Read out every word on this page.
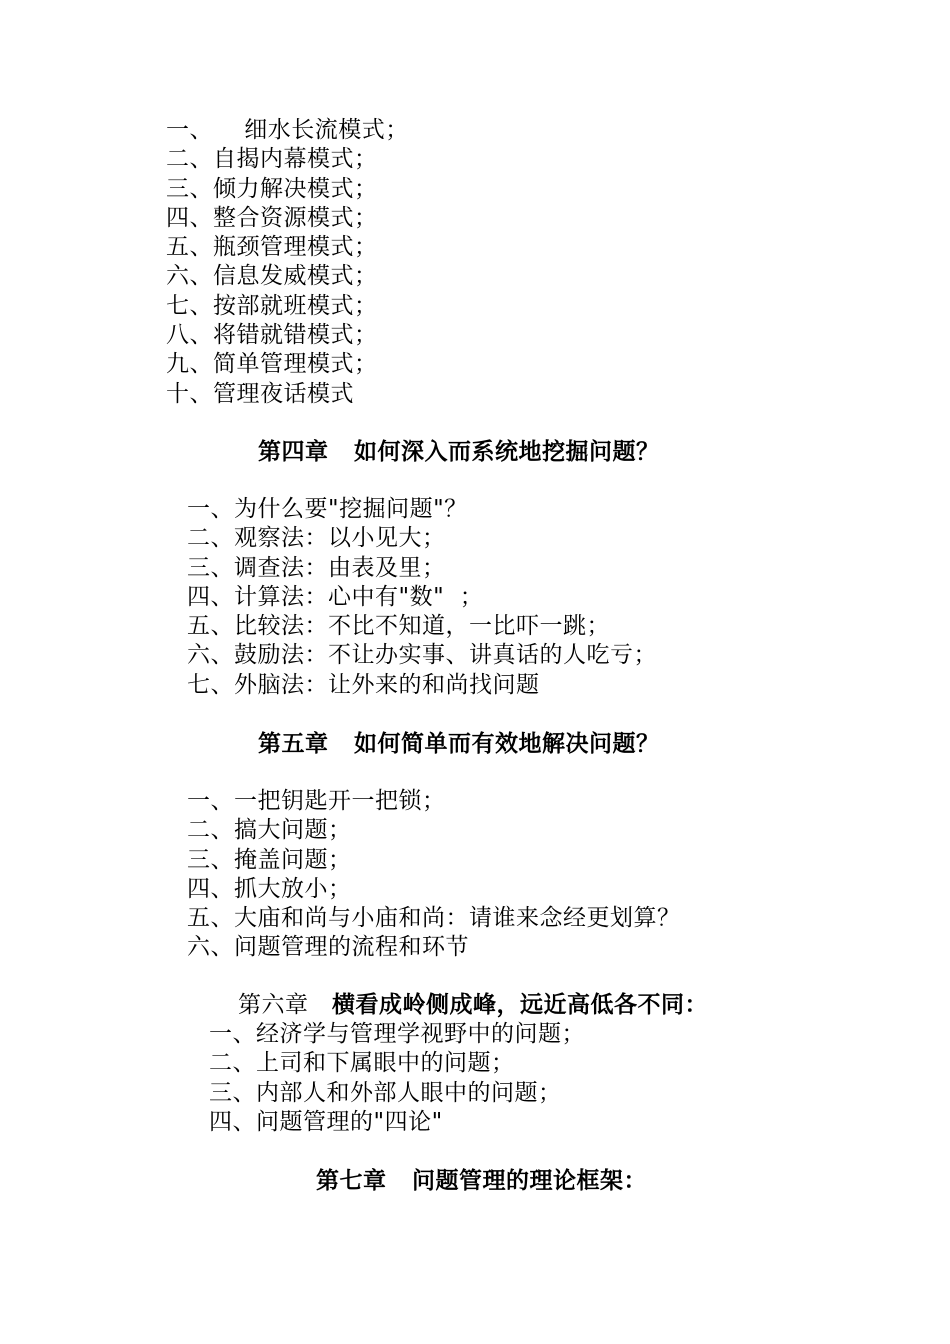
一、    细水长流模式；
二、自揭内幕模式；
三、倾力解决模式；
四、整合资源模式；
五、瓶颈管理模式；
六、信息发威模式；
七、按部就班模式；
八、将错就错模式；
九、简单管理模式；
十、管理夜话模式
第四章   如何深入而系统地挖掘问题？
一、为什么要"挖掘问题"？
二、观察法：以小见大；
三、调查法：由表及里；
四、计算法：心中有"数"  ；
五、比较法：不比不知道，一比吓一跳；
六、鼓励法：不让办实事、讲真话的人吃亏；
七、外脑法：让外来的和尚找问题
第五章   如何简单而有效地解决问题？
一、一把钥匙开一把锁；
二、搞大问题；
三、掩盖问题；
四、抓大放小；
五、大庙和尚与小庙和尚：请谁来念经更划算？
六、问题管理的流程和环节
第六章   横看成岭侧成峰，远近高低各不同：
一、经济学与管理学视野中的问题；
二、上司和下属眼中的问题；
三、内部人和外部人眼中的问题；
四、问题管理的"四论"
第七章   问题管理的理论框架：
